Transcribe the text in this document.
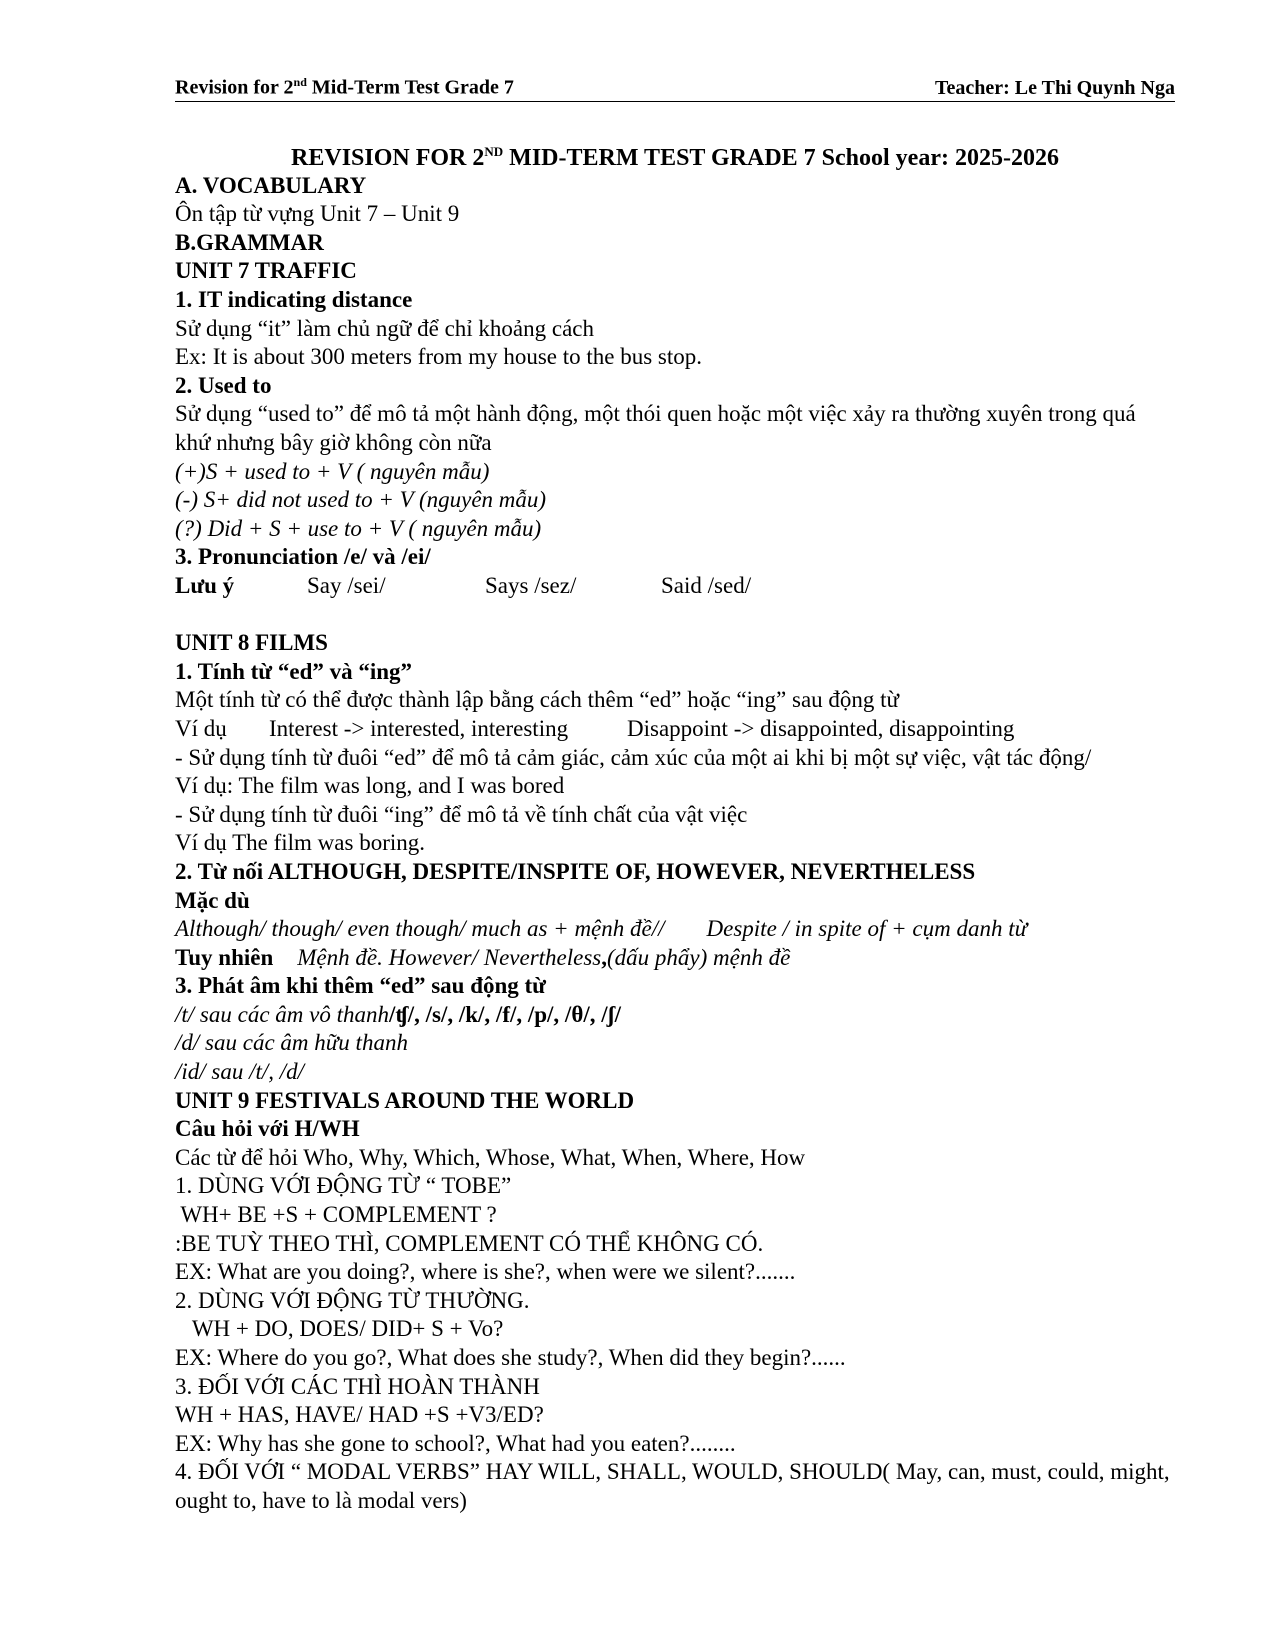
Revision for 2nd Mid-Term Test Grade 7	Teacher: Le Thi Quynh Nga
REVISION FOR 2ND MID-TERM TEST GRADE 7 School year: 2025-2026
A. VOCABULARY
Ôn tập từ vựng Unit 7 – Unit 9
B.GRAMMAR
UNIT 7 TRAFFIC
1. IT indicating distance
Sử dụng “it” làm chủ ngữ để chỉ khoảng cách
Ex: It is about 300 meters from my house to the bus stop.
2. Used to
Sử dụng “used to” để mô tả một hành động, một thói quen hoặc một việc xảy ra thường xuyên trong quá khứ nhưng bây giờ không còn nữa
(+)S + used to + V ( nguyên mẫu)
(-) S+ did not used to + V (nguyên mẫu)
(?) Did + S + use to + V ( nguyên mẫu)
3. Pronunciation /e/ và /ei/
Lưu ý	Say /sei/	Says /sez/	Said /sed/
UNIT 8 FILMS
1. Tính từ “ed” và “ing”
Một tính từ có thể được thành lập bằng cách thêm “ed” hoặc “ing” sau động từ
Ví dụ Interest -> interested, interesting	Disappoint -> disappointed, disappointing
- Sử dụng tính từ đuôi “ed” để mô tả cảm giác, cảm xúc của một ai khi bị một sự việc, vật tác động/
Ví dụ: The film was long, and I was bored
- Sử dụng tính từ đuôi “ing” để mô tả về tính chất của vật việc
Ví dụ The film was boring.
2. Từ nối ALTHOUGH, DESPITE/INSPITE OF, HOWEVER, NEVERTHELESS
Mặc dù
Although/ though/ even though/ much as + mệnh đề// Despite / in spite of + cụm danh từ
Tuy nhiên Mệnh đề. However/ Nevertheless,(dấu phẩy) mệnh đề
3. Phát âm khi thêm “ed” sau động từ
/t/ sau các âm vô thanh/ʧ/, /s/, /k/, /f/, /p/, /θ/, /ʃ/
/d/ sau các âm hữu thanh
/id/ sau /t/, /d/
UNIT 9 FESTIVALS AROUND THE WORLD
Câu hỏi với H/WH
Các từ để hỏi Who, Why, Which, Whose, What, When, Where, How
1. DÙNG VỚI ĐỘNG TỪ “ TOBE”
WH+ BE +S + COMPLEMENT ?
:BE TUỲ THEO THÌ, COMPLEMENT CÓ THỂ KHÔNG CÓ.
EX: What are you doing?, where is she?, when were we silent?.......
2. DÙNG VỚI ĐỘNG TỪ THƯỜNG.
WH + DO, DOES/ DID+ S + Vo?
EX: Where do you go?, What does she study?, When did they begin?......
3. ĐỐI VỚI CÁC THÌ HOÀN THÀNH
WH + HAS, HAVE/ HAD +S +V3/ED?
EX: Why has she gone to school?, What had you eaten?........
4. ĐỐI VỚI “ MODAL VERBS” HAY WILL, SHALL, WOULD, SHOULD( May, can, must, could, might, ought to, have to là modal vers)
